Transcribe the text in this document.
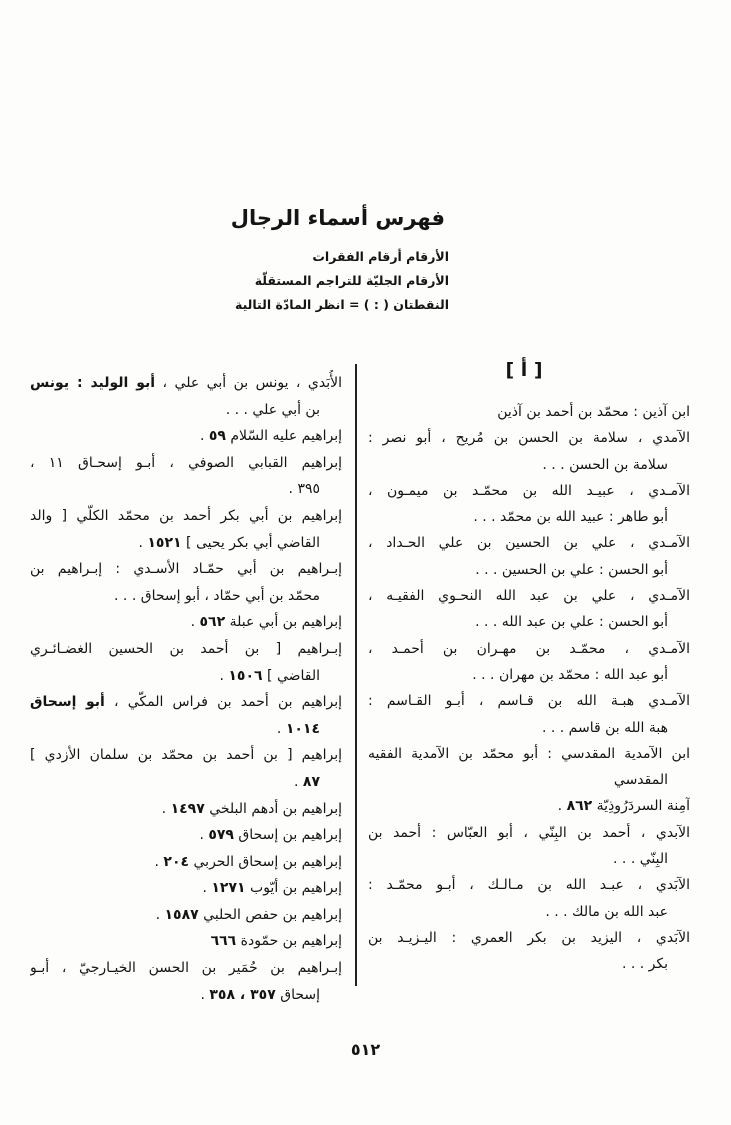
فهرس أسماء الرجال
الأرقام أرقام الفقرات
الأرقام الجليّة للتراجم المستقلّة
النقطتان ( : ) = انظر المادّة التالية
[ أ ]
ابن آذين : محمّد بن أحمد بن آذين
الآمدي ، سلامة بن الحسن بن مُريح ، أبو نصر :
سلامة بن الحسن . . .
الآمـدي ، عبيـد الله بن محمّـد بن ميمـون ،
أبو طاهر : عبيد الله بن محمّد . . .
الآمـدي ، علي بن الحسين بن علي الحـداد ،
أبو الحسن : علي بن الحسين . . .
الآمـدي ، علي بن عبد الله النحـوي الفقيـه ،
أبو الحسن : علي بن عبد الله . . .
الآمـدي ، محمّـد بن مهـران بن أحمـد ،
أبو عبد الله : محمّد بن مهران . . .
الآمـدي هبـة الله بن قـاسم ، أبـو القـاسم :
هبة الله بن قاسم . . .
ابن الآمدية المقدسي : أبو محمّد بن الآمدية الفقيه
المقدسي
آمِنة السردَرُوذِيّة ٨٦٢ .
الآبدي ، أحمد بن البِنّي ، أبو العبّاس : أحمد بن
البِنّي . . .
الآبَدي ، عبـد الله بن مـالـك ، أبـو محمّـد :
عبد الله بن مالك . . .
الآبَدي ، اليزيد بن بكر العمري : اليـزيـد بن
بكر . . .
الأُبَدي ، يونس بن أبي علي ، أبو الوليد : يونس
بن أبي علي . . .
إبراهيم عليه السّلام ٥٩ .
إبراهيم القبابي الصوفي ، أبـو إسحـاق ١١ ،
٣٩٥ .
إبراهيم بن أبي بكر أحمد بن محمّد الكلّي [ والد
القاضي أبي بكر يحيى ] ١٥٢١ .
إبـراهيم بن أبي حمّـاد الأسـدي : إبـراهيم بن
محمّد بن أبي حمّاد ، أبو إسحاق . . .
إبراهيم بن أبي عبلة ٥٦٢ .
إبـراهيم [ بن أحمد بن الحسين الغضـائـري
القاضي ] ١٥٠٦ .
إبراهيم بن أحمد بن فراس المكّي ، أبو إسحاق
١٠١٤ .
إبراهيم [ بن أحمد بن محمّد بن سلمان الأزدي ]
٨٧ .
إبراهيم بن أدهم البلخي ١٤٩٧ .
إبراهيم بن إسحاق ٥٧٩ .
إبراهيم بن إسحاق الحربي ٢٠٤ .
إبراهيم بن أيّوب ١٢٧١ .
إبراهيم بن حفص الحلبي ١٥٨٧ .
إبراهيم بن حمّودة ٦٦٦
إبـراهيم بن حُمَير بن الحسن الخيـارجيّ ، أبـو
إسحاق ٣٥٧ ، ٣٥٨ .
٥١٢
